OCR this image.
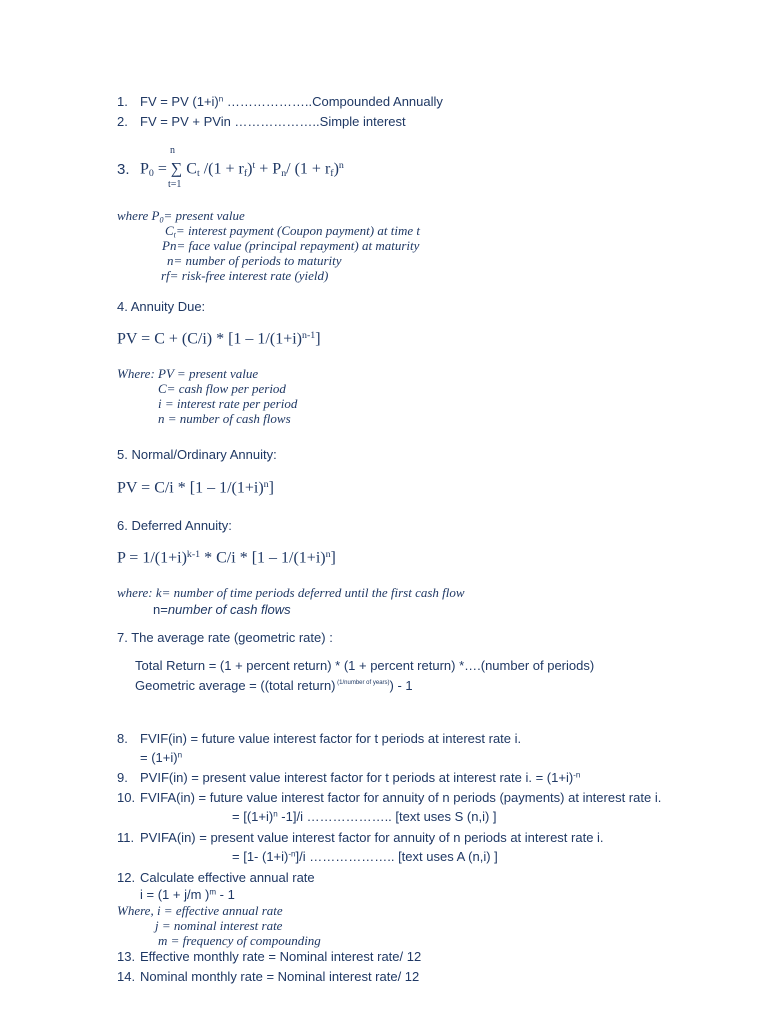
1. FV = PV $(1+i)^n$ ………………..Compounded Annually
2. FV = PV + PVin ………………..Simple interest
n
3. P0 = ∑ Ct /(1 + rf)$^t$ + Pn/ (1 + rf)$^n$
t=1
where P0= present value
Ct= interest payment (Coupon payment) at time t
Pn= face value (principal repayment) at maturity
n= number of periods to maturity
rf= risk-free interest rate (yield)
4. Annuity Due:
PV = $C + (C/i) * [1 - 1/(1+i)^{n-1}]$
Where: PV = present value
C= cash flow per period
i = interest rate per period
n = number of cash flows
5. Normal/Ordinary Annuity:
PV = $C/i * [1 - 1/(1+i)^n]$
6. Deferred Annuity:
$P = 1/(1+i)^{k-1} * C/i * [1 - 1/(1+i)^n]$
where: k= number of time periods deferred until the first cash flow
n=number of cash flows
7. The average rate (geometric rate) :
Total Return = (1 + percent return) * (1 + percent return) *….(number of periods)
Geometric average = ((total return) $^{(1/number of years)}$) - 1
8. FVIF(in) = future value interest factor for t periods at interest rate i.
= $(1+i)^n$
9. PVIF(in) = present value interest factor for t periods at interest rate i. = $(1+i)^{-n}$
10. FVIFA(in) = future value interest factor for annuity of n periods (payments) at interest rate i.
= [$(1+i)^n$ -1]/i ……………….. [text uses S (n,i) ]
11. PVIFA(in) = present value interest factor for annuity of n periods at interest rate i.
= [1- $(1+i)^{-n}]/i$ ……………….. [text uses A (n,i) ]
12. Calculate effective annual rate
i = (1 + j/m )$^m$ - 1
Where, i = effective annual rate
j = nominal interest rate
m = frequency of compounding
13. Effective monthly rate = Nominal interest rate/ 12
14. Nominal monthly rate = Nominal interest rate/ 12
